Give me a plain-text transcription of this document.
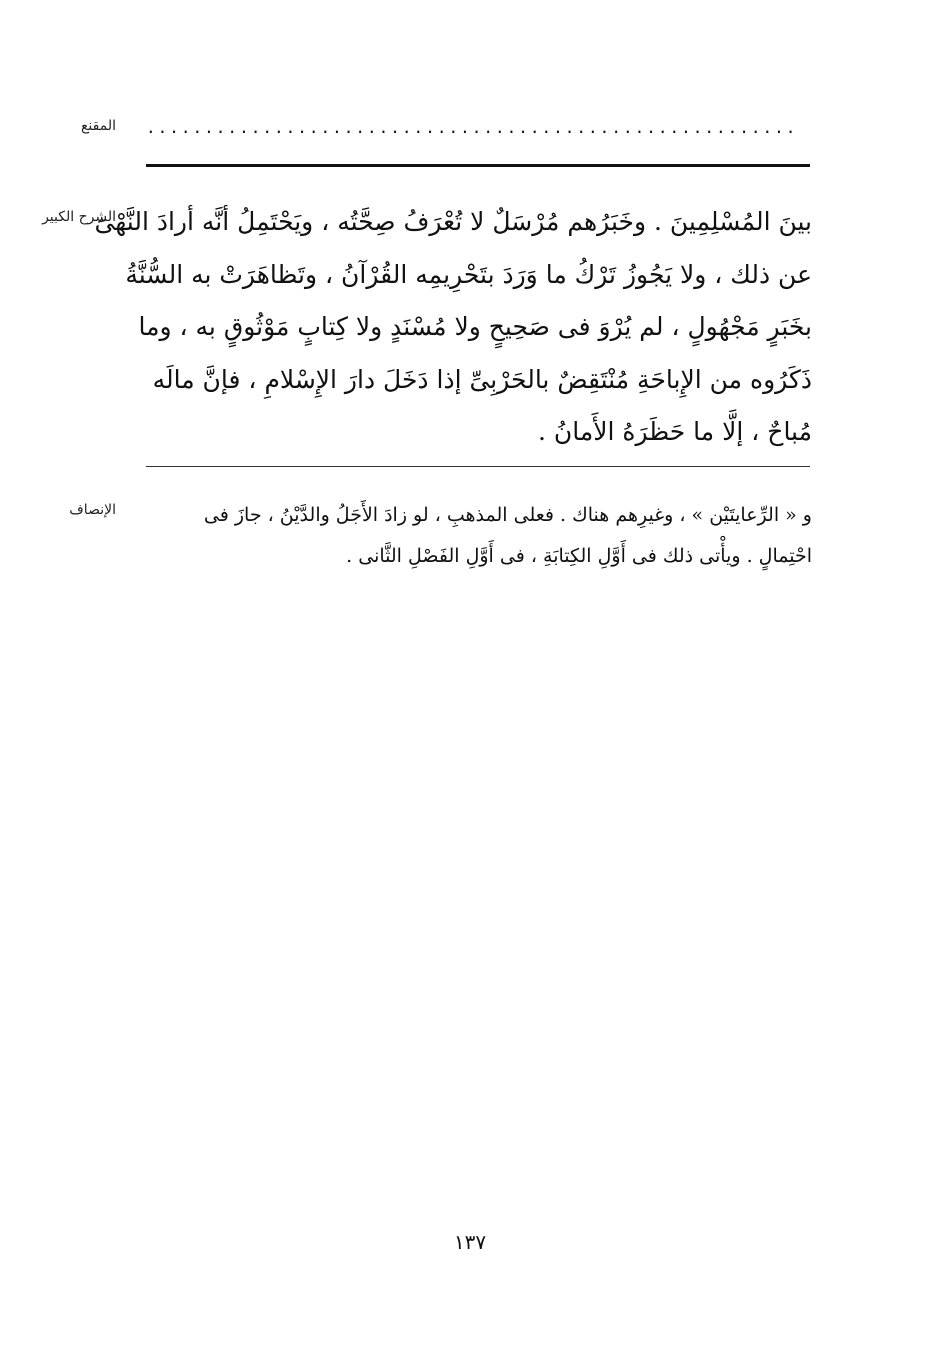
المقنع ........................................................
الشرح الكبير
بينَ المُسْلِمِينَ . وخَبَرُهم مُرْسَلٌ لا تُعْرَفُ صِحَّتُه ، ويَحْتَمِلُ أنَّه أرادَ النَّهْىَ
عن ذلك ، ولا يَجُوزُ تَرْكُ ما وَرَدَ بتَحْرِيمِه القُرْآنُ ، وتَظاهَرَتْ به السُّنَّةُ
بخَبَرٍ مَجْهُولٍ ، لم يُرْوَ فى صَحِيحٍ ولا مُسْنَدٍ ولا كِتابٍ مَوْثُوقٍ به ، وما
ذَكَرُوه من الإِباحَةِ مُنْتَقِضٌ بالحَرْبِىِّ إذا دَخَلَ دارَ الإِسْلامِ ، فإنَّ مالَه
مُباحٌ ، إلَّا ما حَظَرَهُ الأَمانُ .
الإنصاف	و « الرِّعايتَيْن » ، وغيرِهم هناك . فعلى المذهبِ ، لو زادَ الأَجَلُ والدَّيْنُ ، جازَ فى
احْتِمالٍ . ويأْتى ذلك فى أَوَّلِ الكِتابَةِ ، فى أَوَّلِ الفَصْلِ الثَّانى .
١٣٧
